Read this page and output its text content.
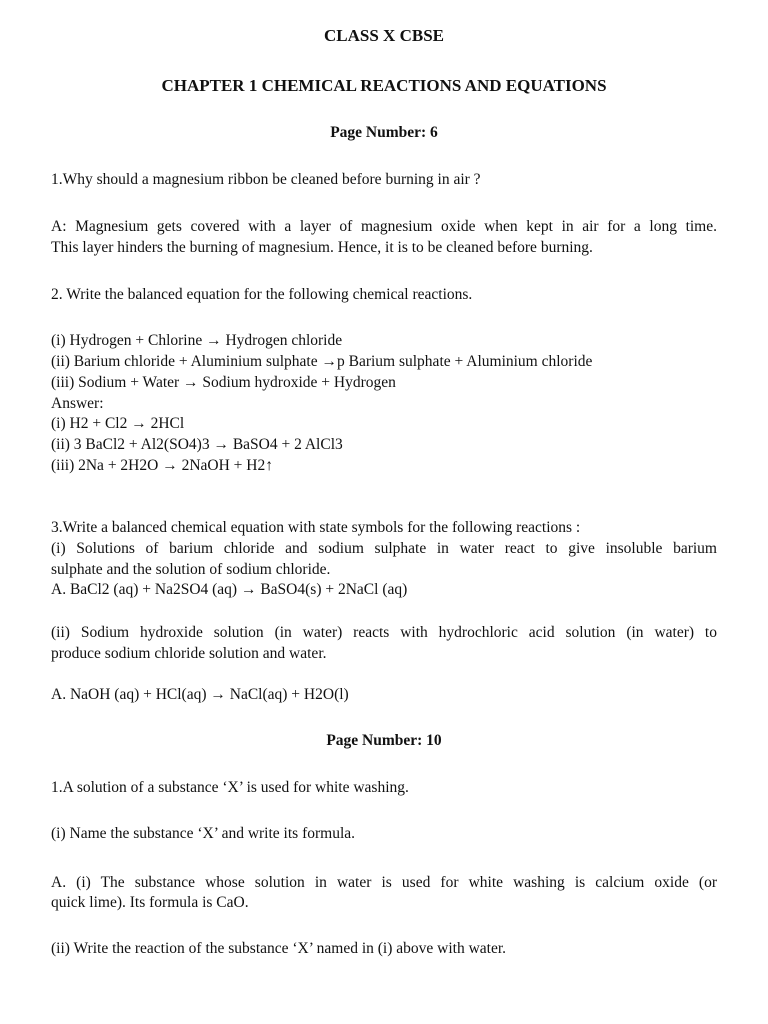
CLASS X CBSE

CHAPTER 1 CHEMICAL REACTIONS AND EQUATIONS

Page Number: 6

1.Why should a magnesium ribbon be cleaned before burning in air ?

A: Magnesium gets covered with a layer of magnesium oxide when kept in air for a long time.

This layer hinders the burning of magnesium. Hence, it is to be cleaned before burning.

2. Write the balanced equation for the following chemical reactions.

(i) Hydrogen + Chlorine → Hydrogen chloride

(ii) Barium chloride + Aluminium sulphate →p Barium sulphate + Aluminium chloride

(iii) Sodium + Water → Sodium hydroxide + Hydrogen

Answer:

(i) H2 + Cl2 → 2HCl

(ii) 3 BaCl2 + Al2(SO4)3 → BaSO4 + 2 AlCl3

(iii) 2Na + 2H2O → 2NaOH + H2↑

3.Write a balanced chemical equation with state symbols for the following reactions :

(i) Solutions of barium chloride and sodium sulphate in water react to give insoluble barium

sulphate and the solution of sodium chloride.

A. BaCl2 (aq) + Na2SO4 (aq) → BaSO4(s) + 2NaCl (aq)

(ii) Sodium hydroxide solution (in water) reacts with hydrochloric acid solution (in water) to

produce sodium chloride solution and water.

A. NaOH (aq) + HCl(aq) → NaCl(aq) + H2O(l)

Page Number: 10

1.A solution of a substance ‘X’ is used for white washing.

(i) Name the substance ‘X’ and write its formula.

A. (i) The substance whose solution in water is used for white washing is calcium oxide (or

quick lime). Its formula is CaO.

(ii) Write the reaction of the substance ‘X’ named in (i) above with water.
